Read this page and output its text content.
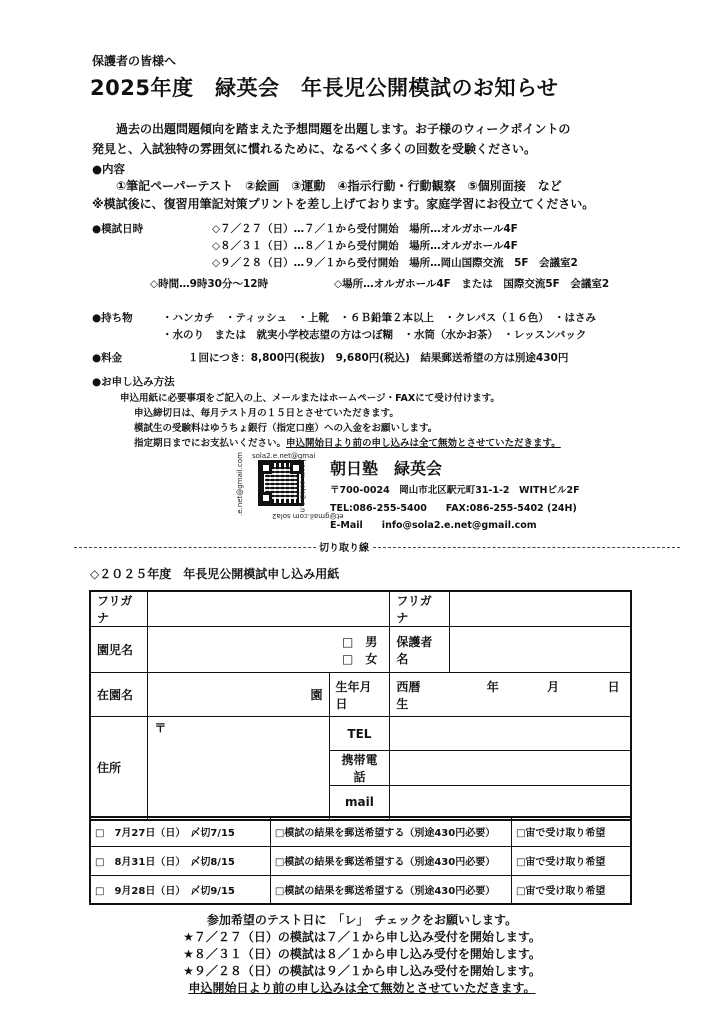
保護者の皆様へ
2025年度　緑英会　年長児公開模試のお知らせ
過去の出題問題傾向を踏まえた予想問題を出題します。お子様のウィークポイントの
発見と、入試独特の雰囲気に慣れるために、なるべく多くの回数を受験ください。
●内容
①筆記ペーパーテスト　②絵画　③運動　④指示行動・行動観察　⑤個別面接　など
※模試後に、復習用筆記対策プリントを差し上げております。家庭学習にお役立てください。
●模試日時	◇７／２７（日）…７／１から受付開始　場所…オルガホール4F
◇８／３１（日）…８／１から受付開始　場所…オルガホール4F
◇９／２８（日）…９／１から受付開始　場所…岡山国際交流　5F　会議室2
◇時間…9時30分～12時	◇場所…オルガホール4F　または　国際交流5F　会議室2
●持ち物	・ハンカチ　・ティッシュ　・上靴　・６Ｂ鉛筆２本以上　・クレパス（１６色）　・はさみ
・水のり　または　就実小学校志望の方はつぼ糊　・水筒（水かお茶）　・レッスンバック
●料金	１回につき：8,800円(税抜)　9,680円(税込)　結果郵送希望の方は別途430円
●お申し込み方法
申込用紙に必要事項をご記入の上、メールまたはホームページ・FAXにて受け付けます。
申込締切日は、毎月テスト月の１５日とさせていただきます。
模試生の受験料はゆうちょ銀行（指定口座）への入金をお願いします。
指定期日までにお支払いください。申込開始日より前の申し込みは全て無効とさせていただきます。
sola2.e.net@gmai
et@gmail.com sola2
l.com sola2.e.n
.e.net@gmail.com	朝日塾　緑英会
〒700-0024　岡山市北区駅元町31-1-2　WITHビル2F
TEL:086-255-5400　　FAX:086-255-5402 (24H)
E-Mail　　info@sola2.e.net@gmail.com
切り取り線
◇２０２５年度　年長児公開模試申し込み用紙
フリガナ			フリガナ	
園児名	□　男
□　女		保護者名	
在園名	園	生年月日	西暦 年 月 日生	
住所	〒	TEL		
		携帯電話		
		mail		
□　7月27日（日）　 〆切7/15	□模試の結果を郵送希望する（別途430円必要）	□宙で受け取り希望
□　8月31日（日）　 〆切8/15	□模試の結果を郵送希望する（別途430円必要）	□宙で受け取り希望
□　9月28日（日）　 〆切9/15	□模試の結果を郵送希望する（別途430円必要）	□宙で受け取り希望
参加希望のテスト日に　「レ」　チェックをお願いします。
★７／２７（日）の模試は７／１から申し込み受付を開始します。
★８／３１（日）の模試は８／１から申し込み受付を開始します。
★９／２８（日）の模試は９／１から申し込み受付を開始します。
申込開始日より前の申し込みは全て無効とさせていただきます。
